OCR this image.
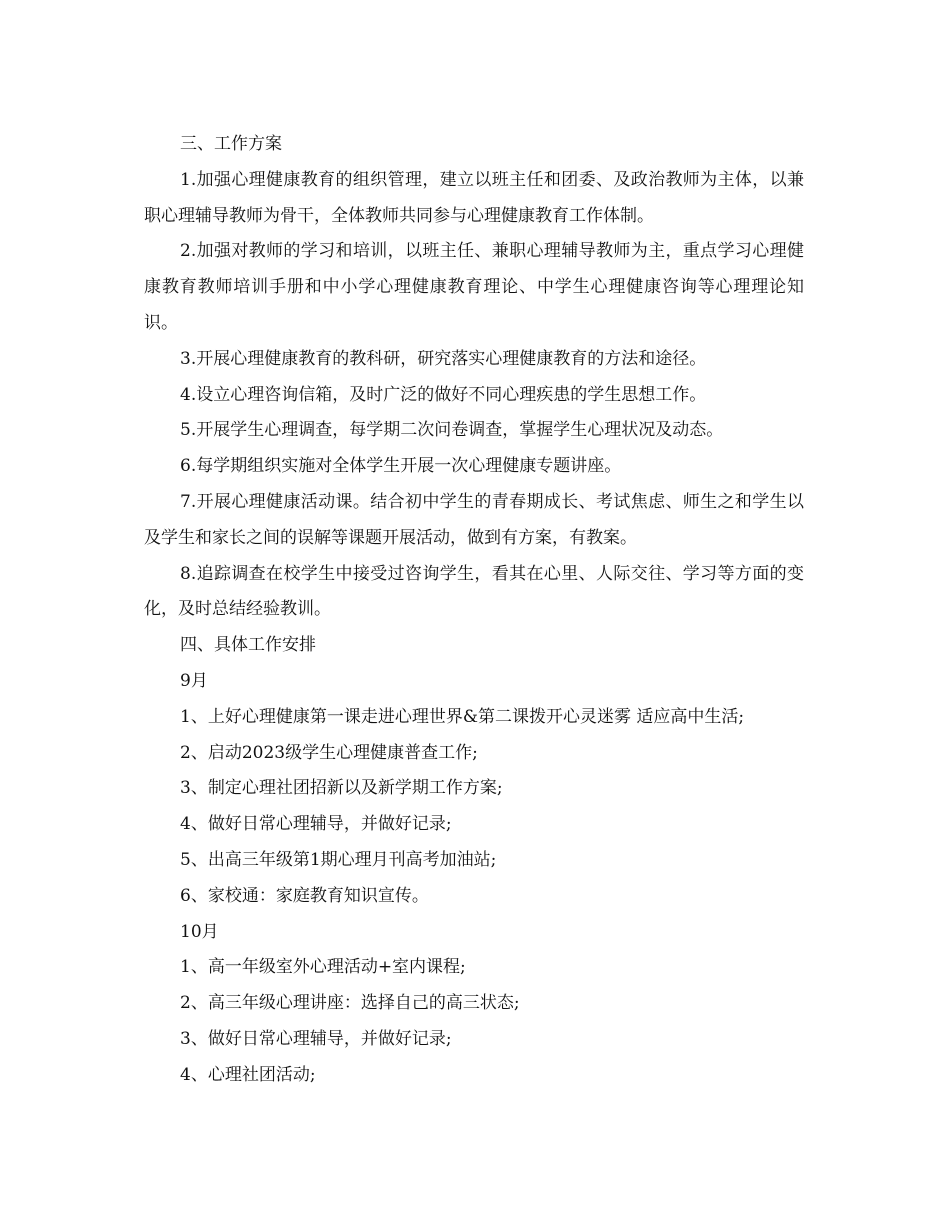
三、工作方案

1.加强心理健康教育的组织管理，建立以班主任和团委、及政治教师为主体，以兼职心理辅导教师为骨干，全体教师共同参与心理健康教育工作体制。

2.加强对教师的学习和培训，以班主任、兼职心理辅导教师为主，重点学习心理健康教育教师培训手册和中小学心理健康教育理论、中学生心理健康咨询等心理理论知识。

3.开展心理健康教育的教科研，研究落实心理健康教育的方法和途径。

4.设立心理咨询信箱，及时广泛的做好不同心理疾患的学生思想工作。

5.开展学生心理调查，每学期二次问卷调查，掌握学生心理状况及动态。

6.每学期组织实施对全体学生开展一次心理健康专题讲座。

7.开展心理健康活动课。结合初中学生的青春期成长、考试焦虑、师生之和学生以及学生和家长之间的误解等课题开展活动，做到有方案，有教案。

8.追踪调查在校学生中接受过咨询学生，看其在心里、人际交往、学习等方面的变化，及时总结经验教训。

四、具体工作安排
9月
1、上好心理健康第一课走进心理世界&第二课拨开心灵迷雾 适应高中生活;
2、启动2023级学生心理健康普查工作;
3、制定心理社团招新以及新学期工作方案;
4、做好日常心理辅导，并做好记录;
5、出高三年级第1期心理月刊高考加油站;
6、家校通：家庭教育知识宣传。
10月
1、高一年级室外心理活动+室内课程;
2、高三年级心理讲座：选择自己的高三状态;
3、做好日常心理辅导，并做好记录;
4、心理社团活动;
